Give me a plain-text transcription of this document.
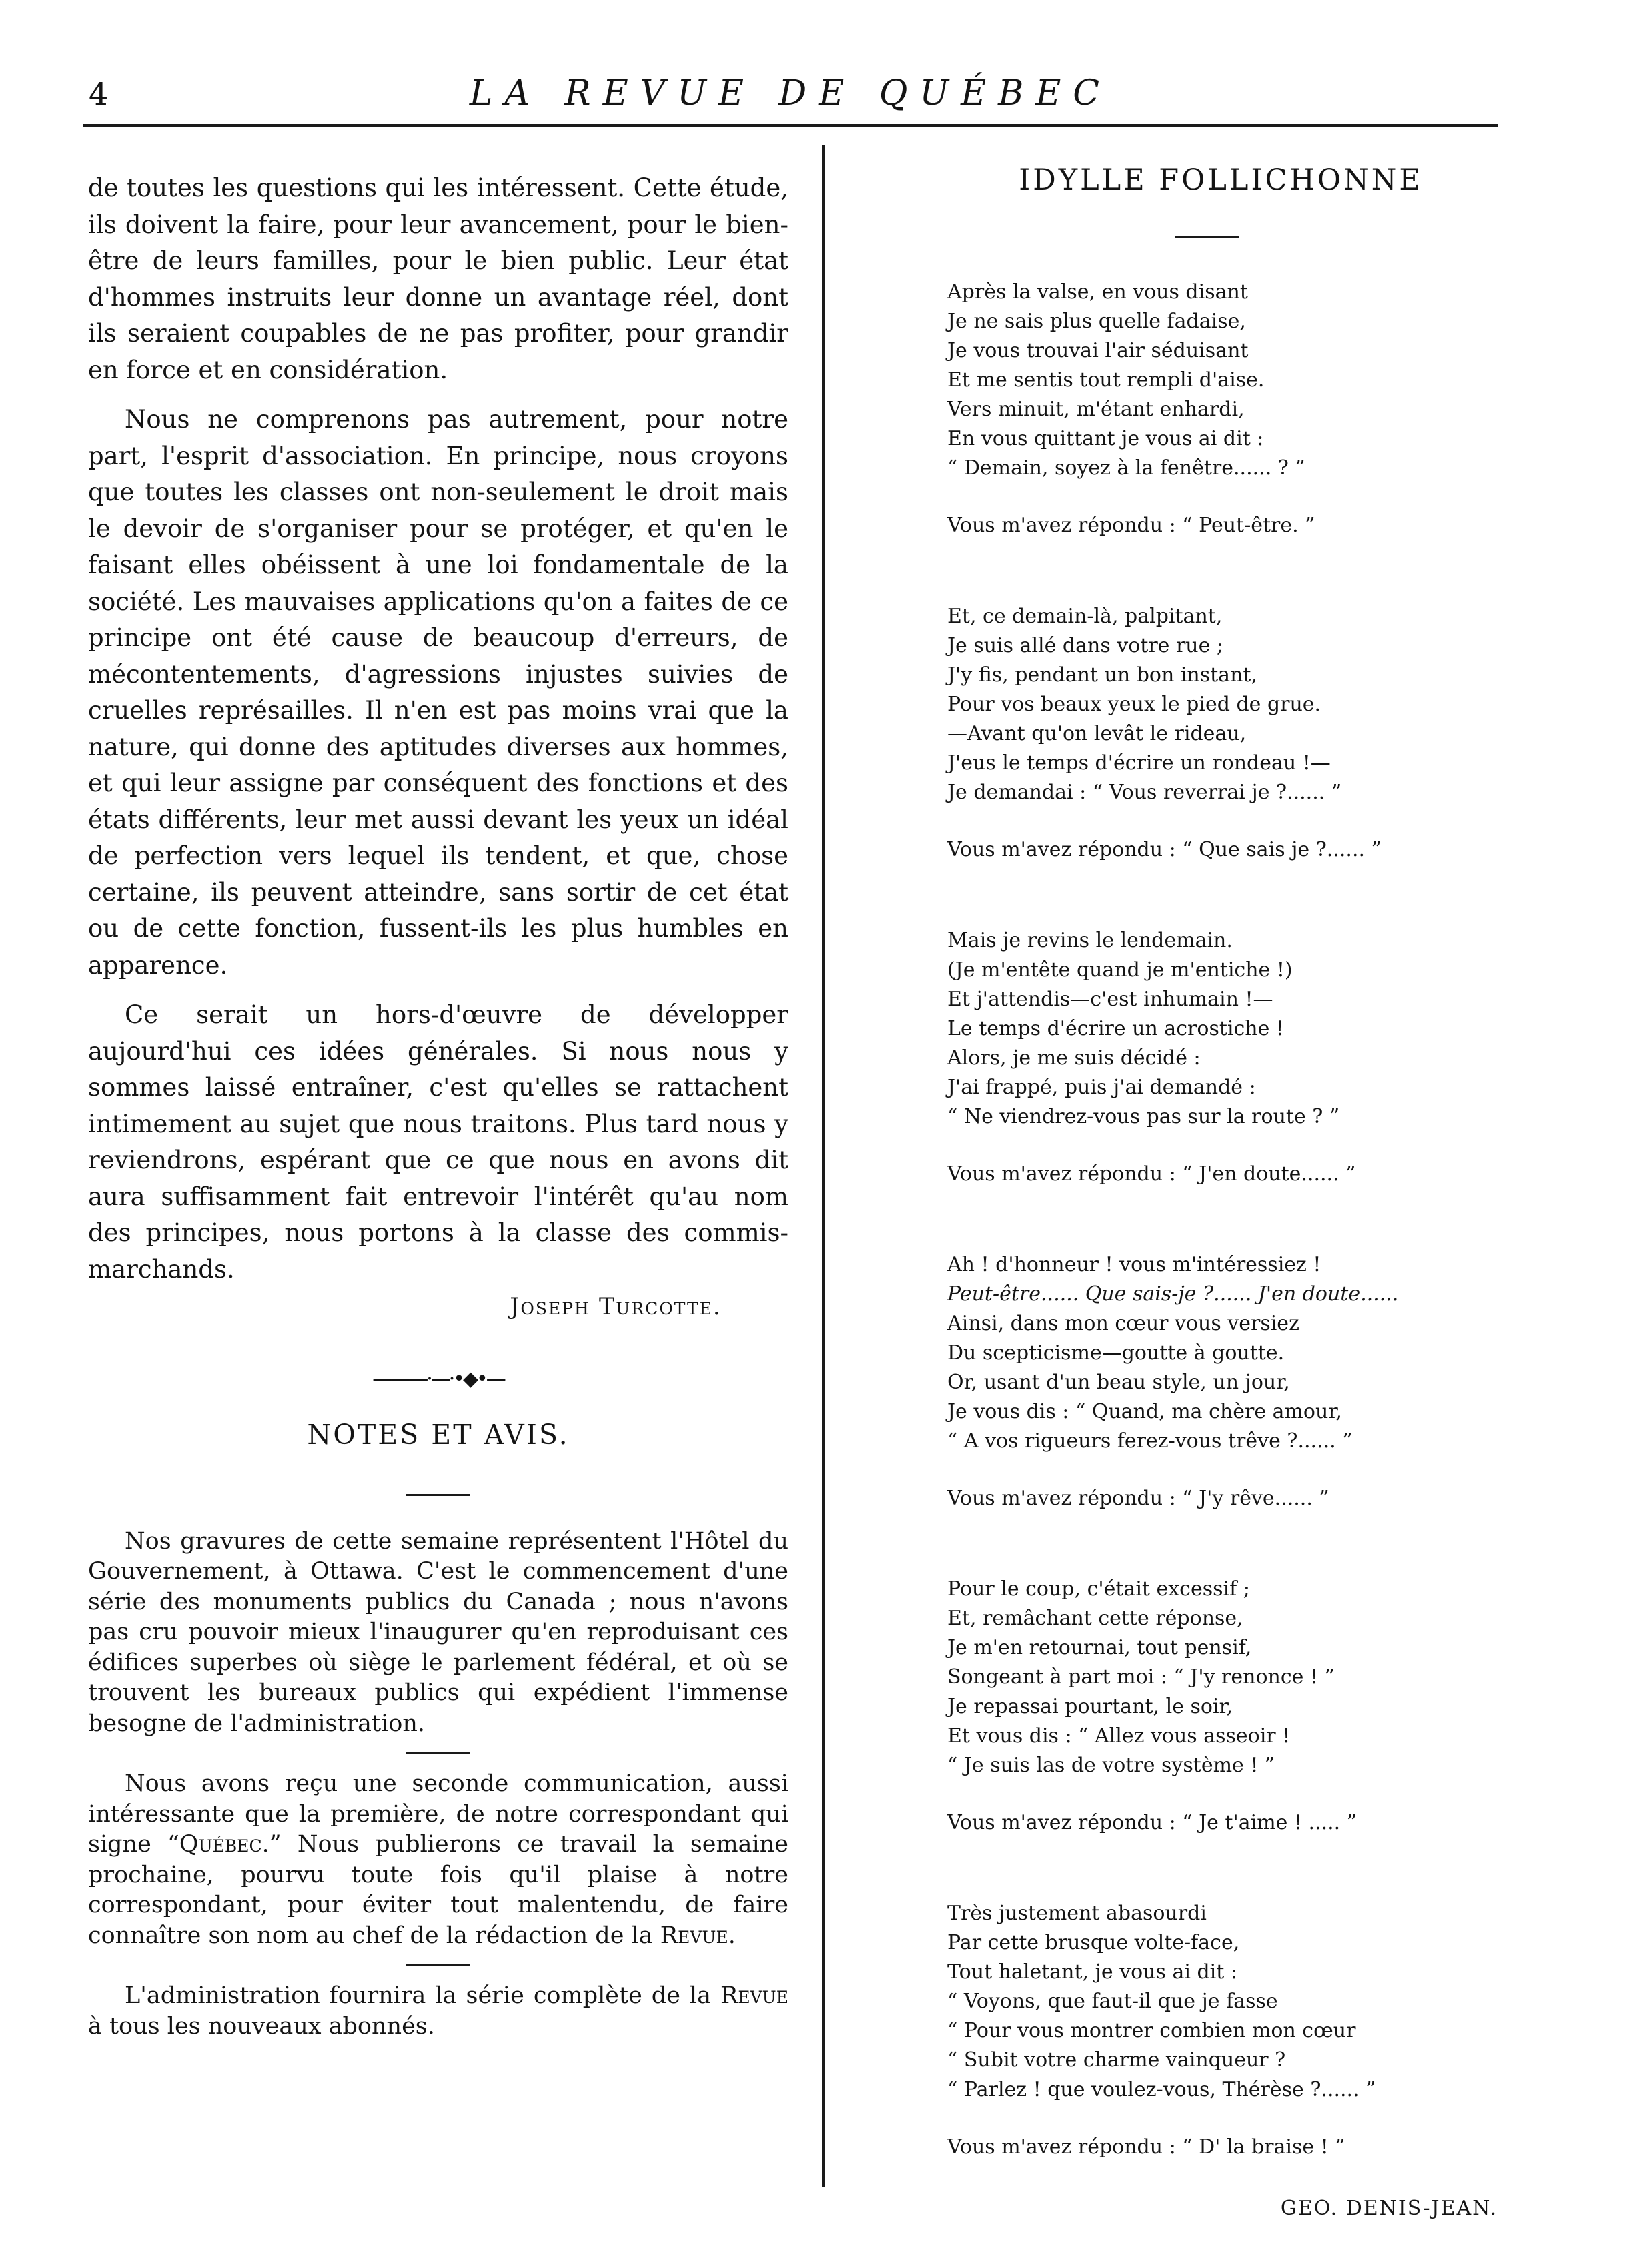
4	LA REVUE DE QUÉBEC

de toutes les questions qui les intéressent. Cette étude, ils doivent la faire, pour leur avancement, pour le bien-être de leurs familles, pour le bien public. Leur état d'hommes instruits leur donne un avantage réel, dont ils seraient coupables de ne pas profiter, pour grandir en force et en considération.

Nous ne comprenons pas autrement, pour notre part, l'esprit d'association. En principe, nous croyons que toutes les classes ont non-seulement le droit mais le devoir de s'organiser pour se protéger, et qu'en le faisant elles obéissent à une loi fondamentale de la société. Les mauvaises applications qu'on a faites de ce principe ont été cause de beaucoup d'erreurs, de mécontentements, d'agressions injustes suivies de cruelles représailles. Il n'en est pas moins vrai que la nature, qui donne des aptitudes diverses aux hommes, et qui leur assigne par conséquent des fonctions et des états différents, leur met aussi devant les yeux un idéal de perfection vers lequel ils tendent, et que, chose certaine, ils peuvent atteindre, sans sortir de cet état ou de cette fonction, fussent-ils les plus humbles en apparence.

Ce serait un hors-d'œuvre de développer aujourd'hui ces idées générales. Si nous nous y sommes laissé entraîner, c'est qu'elles se rattachent intimement au sujet que nous traitons. Plus tard nous y reviendrons, espérant que ce que nous en avons dit aura suffisamment fait entrevoir l'intérêt qu'au nom des principes, nous portons à la classe des commis-marchands.

Joseph Turcotte.
———·—·•◆•—
NOTES ET AVIS.

Nos gravures de cette semaine représentent l'Hôtel du Gouvernement, à Ottawa. C'est le commencement d'une série des monuments publics du Canada ; nous n'avons pas cru pouvoir mieux l'inaugurer qu'en reproduisant ces édifices superbes où siège le parlement fédéral, et où se trouvent les bureaux publics qui expédient l'immense besogne de l'administration.

Nous avons reçu une seconde communication, aussi intéressante que la première, de notre correspondant qui signe “Québec.” Nous publierons ce travail la semaine prochaine, pourvu toute fois qu'il plaise à notre correspondant, pour éviter tout malentendu, de faire connaître son nom au chef de la rédaction de la Revue.

L'administration fournira la série complète de la Revue à tous les nouveaux abonnés.

IDYLLE FOLLICHONNE
Après la valse, en vous disant
Je ne sais plus quelle fadaise,
Je vous trouvai l'air séduisant
Et me sentis tout rempli d'aise.
Vers minuit, m'étant enhardi,
En vous quittant je vous ai dit :
“ Demain, soyez à la fenêtre...... ? ”
Vous m'avez répondu : “ Peut-être. ”
Et, ce demain-là, palpitant,
Je suis allé dans votre rue ;
J'y fis, pendant un bon instant,
Pour vos beaux yeux le pied de grue.
—Avant qu'on levât le rideau,
J'eus le temps d'écrire un rondeau !—
Je demandai : “ Vous reverrai je ?...... ”
Vous m'avez répondu : “ Que sais je ?...... ”
Mais je revins le lendemain.
(Je m'entête quand je m'entiche !)
Et j'attendis—c'est inhumain !—
Le temps d'écrire un acrostiche !
Alors, je me suis décidé :
J'ai frappé, puis j'ai demandé :
“ Ne viendrez-vous pas sur la route ? ”
Vous m'avez répondu : “ J'en doute...... ”
Ah ! d'honneur ! vous m'intéressiez !
Peut-être...... Que sais-je ?...... J'en doute......
Ainsi, dans mon cœur vous versiez
Du scepticisme—goutte à goutte.
Or, usant d'un beau style, un jour,
Je vous dis : “ Quand, ma chère amour,
“ A vos rigueurs ferez-vous trêve ?...... ”
Vous m'avez répondu : “ J'y rêve...... ”
Pour le coup, c'était excessif ;
Et, remâchant cette réponse,
Je m'en retournai, tout pensif,
Songeant à part moi : “ J'y renonce ! ”
Je repassai pourtant, le soir,
Et vous dis : “ Allez vous asseoir !
“ Je suis las de votre système ! ”
Vous m'avez répondu : “ Je t'aime ! ..... ”
Très justement abasourdi
Par cette brusque volte-face,
Tout haletant, je vous ai dit :
“ Voyons, que faut-il que je fasse
“ Pour vous montrer combien mon cœur
“ Subit votre charme vainqueur ?
“ Parlez ! que voulez-vous, Thérèse ?...... ”
Vous m'avez répondu : “ D' la braise ! ”
GEO. DENIS-JEAN.
